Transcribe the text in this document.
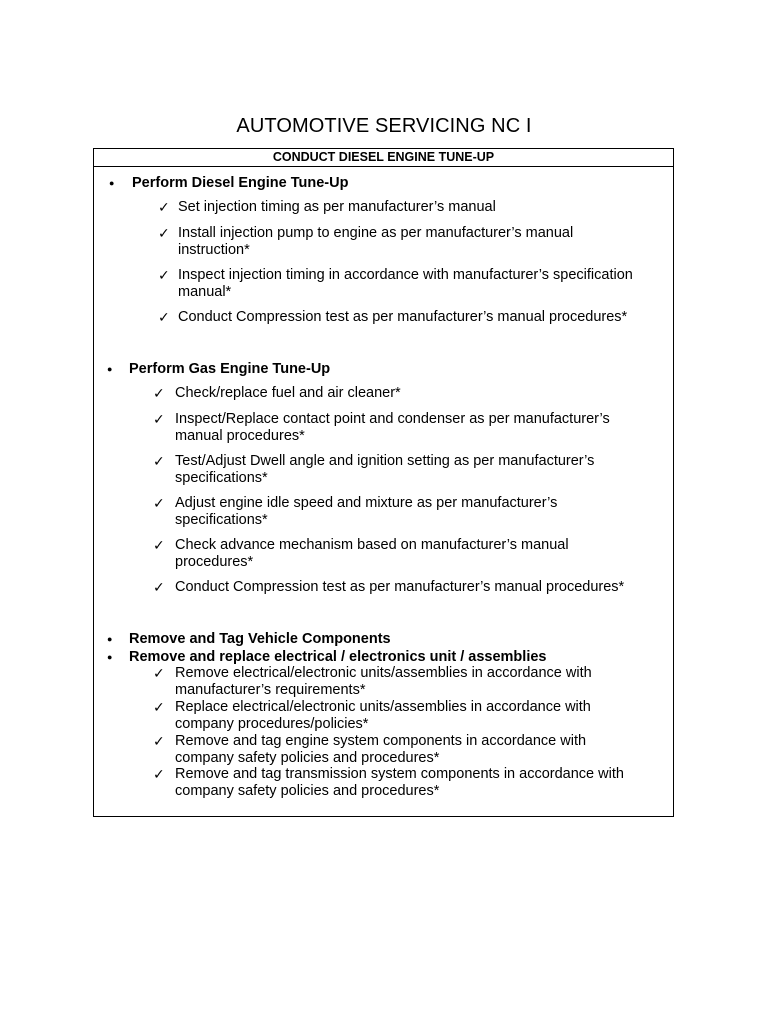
AUTOMOTIVE SERVICING NC I
CONDUCT DIESEL ENGINE TUNE-UP
● Perform Diesel Engine Tune-Up
✓ Set injection timing as per manufacturer’s manual
✓ Install injection pump to engine as per manufacturer’s manual
instruction*
✓ Inspect injection timing in accordance with manufacturer’s specification
manual*
✓ Conduct Compression test as per manufacturer’s manual procedures*
● Perform Gas Engine Tune-Up
✓ Check/replace fuel and air cleaner*
✓ Inspect/Replace contact point and condenser as per manufacturer’s
manual procedures*
✓ Test/Adjust Dwell angle and ignition setting as per manufacturer’s
specifications*
✓ Adjust engine idle speed and mixture as per manufacturer’s
specifications*
✓ Check advance mechanism based on manufacturer’s manual
procedures*
✓ Conduct Compression test as per manufacturer’s manual procedures*
● Remove and Tag Vehicle Components
● Remove and replace electrical / electronics unit / assemblies
✓ Remove electrical/electronic units/assemblies in accordance with
manufacturer’s requirements*
✓ Replace electrical/electronic units/assemblies in accordance with
company procedures/policies*
✓ Remove and tag engine system components in accordance with
company safety policies and procedures*
✓ Remove and tag transmission system components in accordance with
company safety policies and procedures*
